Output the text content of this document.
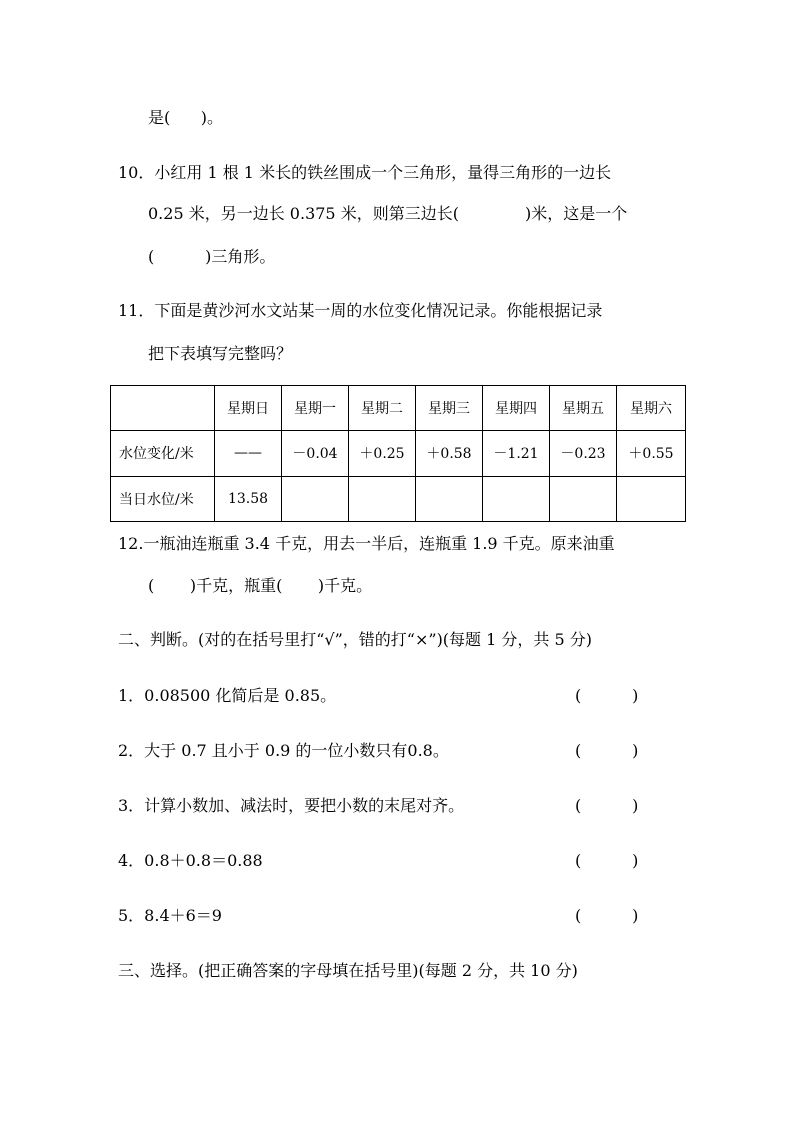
是(      )。
10．小红用 1 根 1 米长的铁丝围成一个三角形，量得三角形的一边长
0.25 米，另一边长 0.375 米，则第三边长(             )米，这是一个
(          )三角形。
11．下面是黄沙河水文站某一周的水位变化情况记录。你能根据记录
把下表填写完整吗？
	星期日	星期一	星期二	星期三	星期四	星期五	星期六
水位变化/米	——	－0.04	＋0.25	＋0.58	－1.21	－0.23	＋0.55
当日水位/米	13.58						
12.一瓶油连瓶重 3.4 千克，用去一半后，连瓶重 1.9 千克。原来油重
(       )千克，瓶重(       )千克。
二、判断。(对的在括号里打“√”，错的打“×”)(每题 1 分，共 5 分)
1．0.08500 化简后是 0.85。	(          )
2．大于 0.7 且小于 0.9 的一位小数只有0.8。	(          )
3．计算小数加、减法时，要把小数的末尾对齐。	(          )
4．0.8＋0.8＝0.88	(          )
5．8.4＋6＝9	(          )
三、选择。(把正确答案的字母填在括号里)(每题 2 分，共 10 分)
